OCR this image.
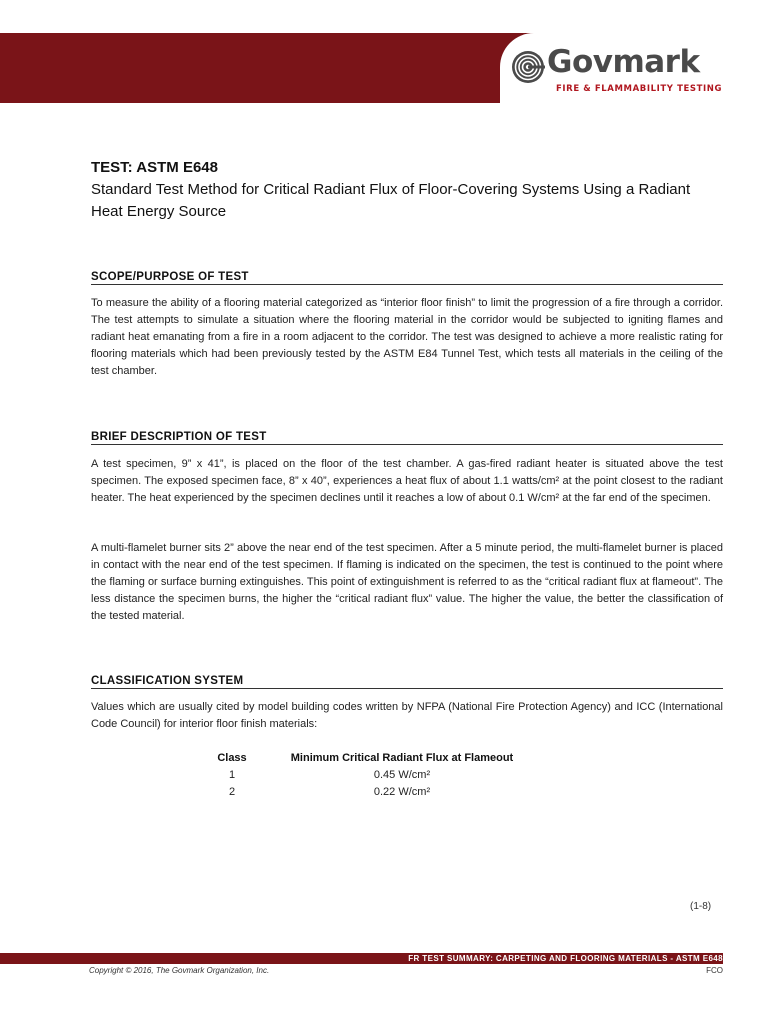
Govmark
FIRE & FLAMMABILITY TESTING
TEST: ASTM E648
Standard Test Method for Critical Radiant Flux of Floor-Covering Systems Using a Radiant Heat Energy Source
SCOPE/PURPOSE OF TEST
To measure the ability of a flooring material categorized as “interior floor finish” to limit the progression of a fire through a corridor. The test attempts to simulate a situation where the flooring material in the corridor would be subjected to igniting flames and radiant heat emanating from a fire in a room adjacent to the corridor. The test was designed to achieve a more realistic rating for flooring materials which had been previously tested by the ASTM E84 Tunnel Test, which tests all materials in the ceiling of the test chamber.
BRIEF DESCRIPTION OF TEST
A test specimen, 9” x 41”, is placed on the floor of the test chamber. A gas-fired radiant heater is situated above the test specimen. The exposed specimen face, 8” x 40”, experiences a heat flux of about 1.1 watts/cm² at the point closest to the radiant heater. The heat experienced by the specimen declines until it reaches a low of about 0.1 W/cm² at the far end of the specimen.
A multi-flamelet burner sits 2” above the near end of the test specimen. After a 5 minute period, the multi-flamelet burner is placed in contact with the near end of the test specimen. If flaming is indicated on the specimen, the test is continued to the point where the flaming or surface burning extinguishes. This point of extinguishment is referred to as the “critical radiant flux at flameout”. The less distance the specimen burns, the higher the “critical radiant flux” value. The higher the value, the better the classification of the tested material.
CLASSIFICATION SYSTEM
Values which are usually cited by model building codes written by NFPA (National Fire Protection Agency) and ICC (International Code Council) for interior floor finish materials:
Class	Minimum Critical Radiant Flux at Flameout
1	0.45 W/cm²
2	0.22 W/cm²
(1-8)
FR TEST SUMMARY: CARPETING AND FLOORING MATERIALS - ASTM E648
Copyright © 2016, The Govmark Organization, Inc.	FCO
